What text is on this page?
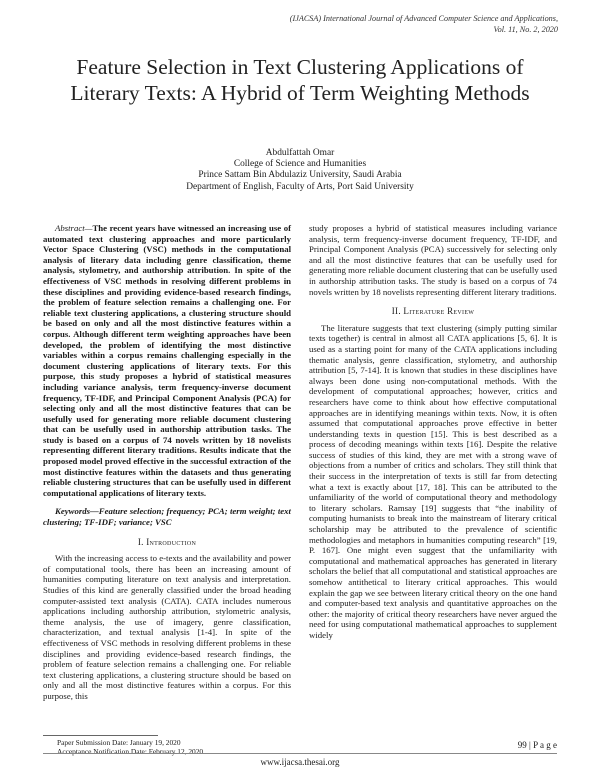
(IJACSA) International Journal of Advanced Computer Science and Applications,
Vol. 11, No. 2, 2020
Feature Selection in Text Clustering Applications of Literary Texts: A Hybrid of Term Weighting Methods
Abdulfattah Omar
College of Science and Humanities
Prince Sattam Bin Abdulaziz University, Saudi Arabia
Department of English, Faculty of Arts, Port Said University

Abstract—The recent years have witnessed an increasing use of automated text clustering approaches and more particularly Vector Space Clustering (VSC) methods in the computational analysis of literary data including genre classification, theme analysis, stylometry, and authorship attribution. In spite of the effectiveness of VSC methods in resolving different problems in these disciplines and providing evidence-based research findings, the problem of feature selection remains a challenging one. For reliable text clustering applications, a clustering structure should be based on only and all the most distinctive features within a corpus. Although different term weighting approaches have been developed, the problem of identifying the most distinctive variables within a corpus remains challenging especially in the document clustering applications of literary texts. For this purpose, this study proposes a hybrid of statistical measures including variance analysis, term frequency-inverse document frequency, TF-IDF, and Principal Component Analysis (PCA) for selecting only and all the most distinctive features that can be usefully used for generating more reliable document clustering that can be usefully used in authorship attribution tasks. The study is based on a corpus of 74 novels written by 18 novelists representing different literary traditions. Results indicate that the proposed model proved effective in the successful extraction of the most distinctive features within the datasets and thus generating reliable clustering structures that can be usefully used in different computational applications of literary texts.

Keywords—Feature selection; frequency; PCA; term weight; text clustering; TF-IDF; variance; VSC

I. Introduction

With the increasing access to e-texts and the availability and power of computational tools, there has been an increasing amount of humanities computing literature on text analysis and interpretation. Studies of this kind are generally classified under the broad heading computer-assisted text analysis (CATA). CATA includes numerous applications including authorship attribution, stylometric analysis, theme analysis, the use of imagery, genre classification, characterization, and textual analysis [1-4]. In spite of the effectiveness of VSC methods in resolving different problems in these disciplines and providing evidence-based research findings, the problem of feature selection remains a challenging one. For reliable text clustering applications, a clustering structure should be based on only and all the most distinctive features within a corpus. For this purpose, this

study proposes a hybrid of statistical measures including variance analysis, term frequency-inverse document frequency, TF-IDF, and Principal Component Analysis (PCA) successively for selecting only and all the most distinctive features that can be usefully used for generating more reliable document clustering that can be usefully used in authorship attribution tasks. The study is based on a corpus of 74 novels written by 18 novelists representing different literary traditions.

II. Literature Review

The literature suggests that text clustering (simply putting similar texts together) is central in almost all CATA applications [5, 6]. It is used as a starting point for many of the CATA applications including thematic analysis, genre classification, stylometry, and authorship attribution [5, 7-14]. It is known that studies in these disciplines have always been done using non-computational methods. With the development of computational approaches; however, critics and researchers have come to think about how effective computational approaches are in identifying meanings within texts. Now, it is often assumed that computational approaches prove effective in better understanding texts in question [15]. This is best described as a process of decoding meanings within texts [16]. Despite the relative success of studies of this kind, they are met with a strong wave of objections from a number of critics and scholars. They still think that their success in the interpretation of texts is still far from detecting what a text is exactly about [17, 18]. This can be attributed to the unfamiliarity of the world of computational theory and methodology to literary scholars. Ramsay [19] suggests that “the inability of computing humanists to break into the mainstream of literary critical scholarship may be attributed to the prevalence of scientific methodologies and metaphors in humanities computing research” [19, P. 167]. One might even suggest that the unfamiliarity with computational and mathematical approaches has generated in literary scholars the belief that all computational and statistical approaches are somehow antithetical to literary critical approaches. This would explain the gap we see between literary critical theory on the one hand and computer-based text analysis and quantitative approaches on the other: the majority of critical theory researchers have never argued the need for using computational mathematical approaches to supplement widely

Paper Submission Date: January 19, 2020
Acceptance Notification Date: February 12, 2020
99 | P a g e
www.ijacsa.thesai.org
